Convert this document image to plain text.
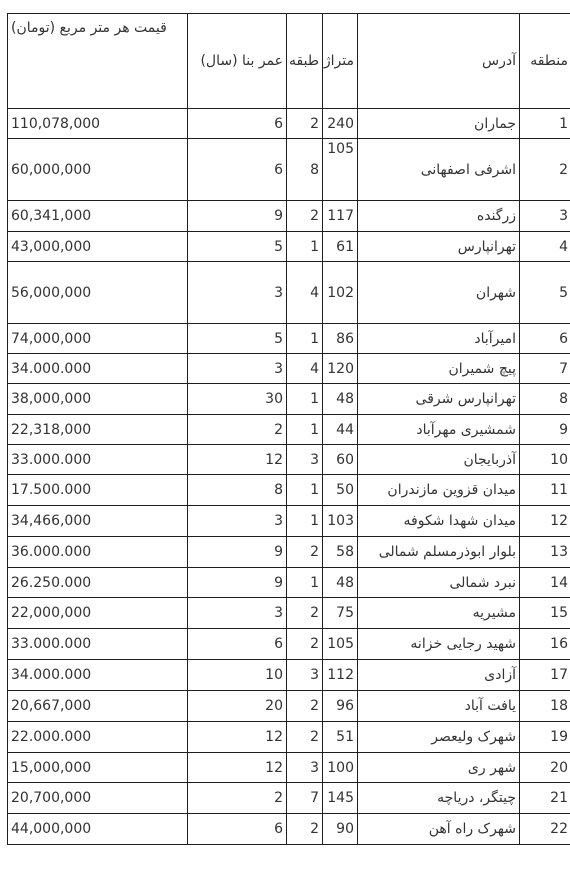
منطقه	آدرس	متراژ	طبقه	عمر بنا (سال)	قیمت هر متر مربع (تومان)
1	جماران	240	2	6	110,078,000
2	اشرفی اصفهانی	105	8	6	60,000,000
3	زرگنده	117	2	9	60,341,000
4	تهرانپارس	61	1	5	43,000,000
5	شهران	102	4	3	56,000,000
6	امیرآباد	86	1	5	74,000,000
7	پیچ شمیران	120	4	3	34.000.000
8	تهرانپارس شرقی	48	1	30	38,000,000
9	شمشیری مهرآباد	44	1	2	22,318,000
10	آذربایجان	60	3	12	33.000.000
11	میدان قزوین مازندران	50	1	8	17.500.000
12	میدان شهدا شکوفه	103	1	3	34,466,000
13	بلوار ابوذرمسلم شمالی	58	2	9	36.000.000
14	نبرد شمالی	48	1	9	26.250.000
15	مشیریه	75	2	3	22,000,000
16	شهید رجایی خزانه	105	2	6	33.000.000
17	آزادی	112	3	10	34.000.000
18	یافت آباد	96	2	20	20,667,000
19	شهرک ولیعصر	51	2	12	22.000.000
20	شهر ری	100	3	12	15,000,000
21	چیتگر، دریاچه	145	7	2	20,700,000
22	شهرک راه آهن	90	2	6	44,000,000
